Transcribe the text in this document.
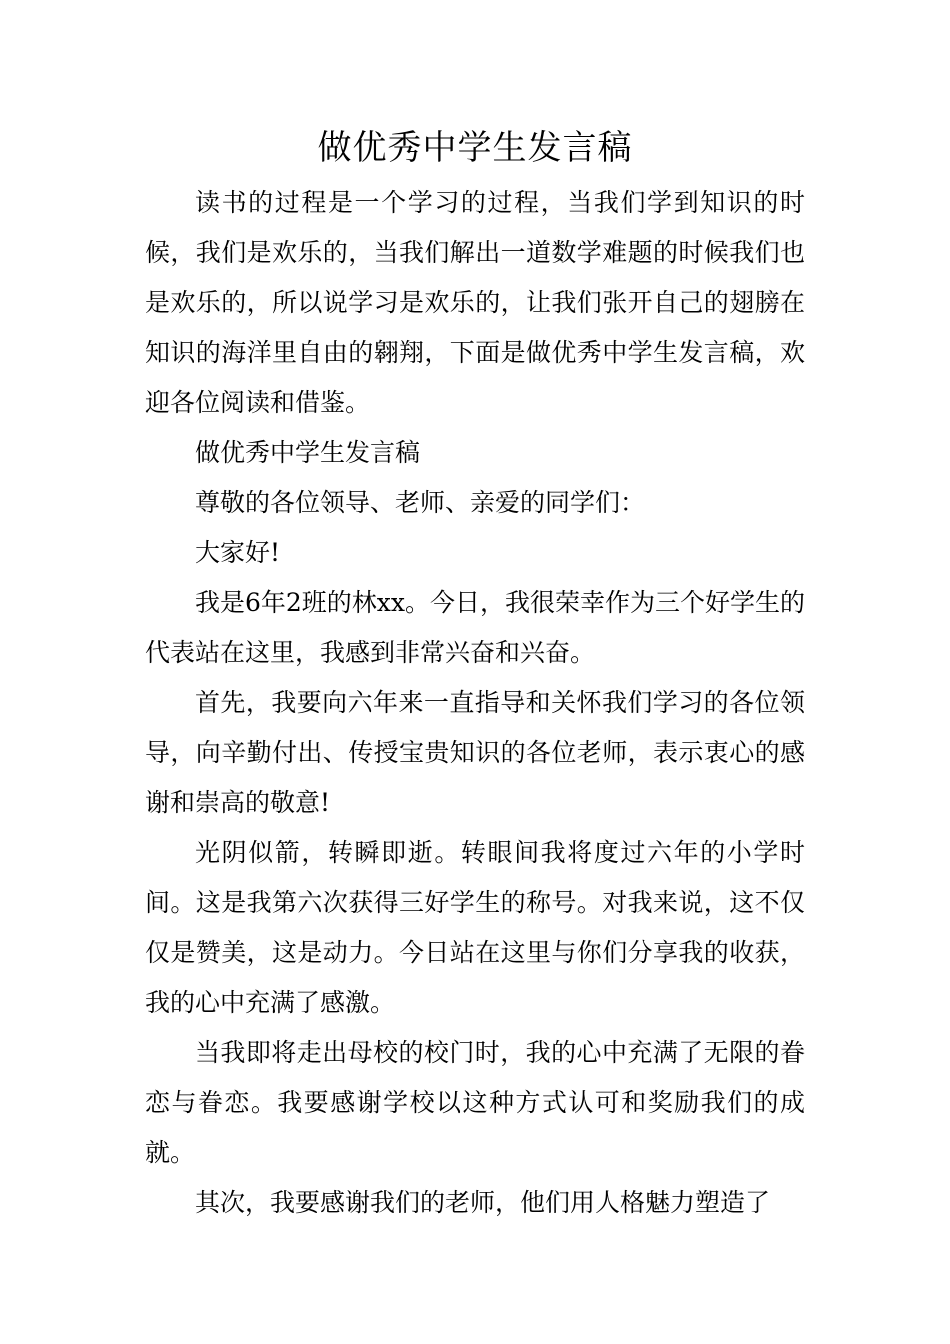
做优秀中学生发言稿

读书的过程是一个学习的过程，当我们学到知识的时候，我们是欢乐的，当我们解出一道数学难题的时候我们也是欢乐的，所以说学习是欢乐的，让我们张开自己的翅膀在知识的海洋里自由的翱翔，下面是做优秀中学生发言稿，欢迎各位阅读和借鉴。

做优秀中学生发言稿

尊敬的各位领导、老师、亲爱的同学们：

大家好!

我是6年2班的林xx。今日，我很荣幸作为三个好学生的代表站在这里，我感到非常兴奋和兴奋。

首先，我要向六年来一直指导和关怀我们学习的各位领导，向辛勤付出、传授宝贵知识的各位老师，表示衷心的感谢和崇高的敬意!

光阴似箭，转瞬即逝。转眼间我将度过六年的小学时间。这是我第六次获得三好学生的称号。对我来说，这不仅仅是赞美，这是动力。今日站在这里与你们分享我的收获，我的心中充满了感激。

当我即将走出母校的校门时，我的心中充满了无限的眷恋与眷恋。我要感谢学校以这种方式认可和奖励我们的成就。

其次，我要感谢我们的老师，他们用人格魅力塑造了
